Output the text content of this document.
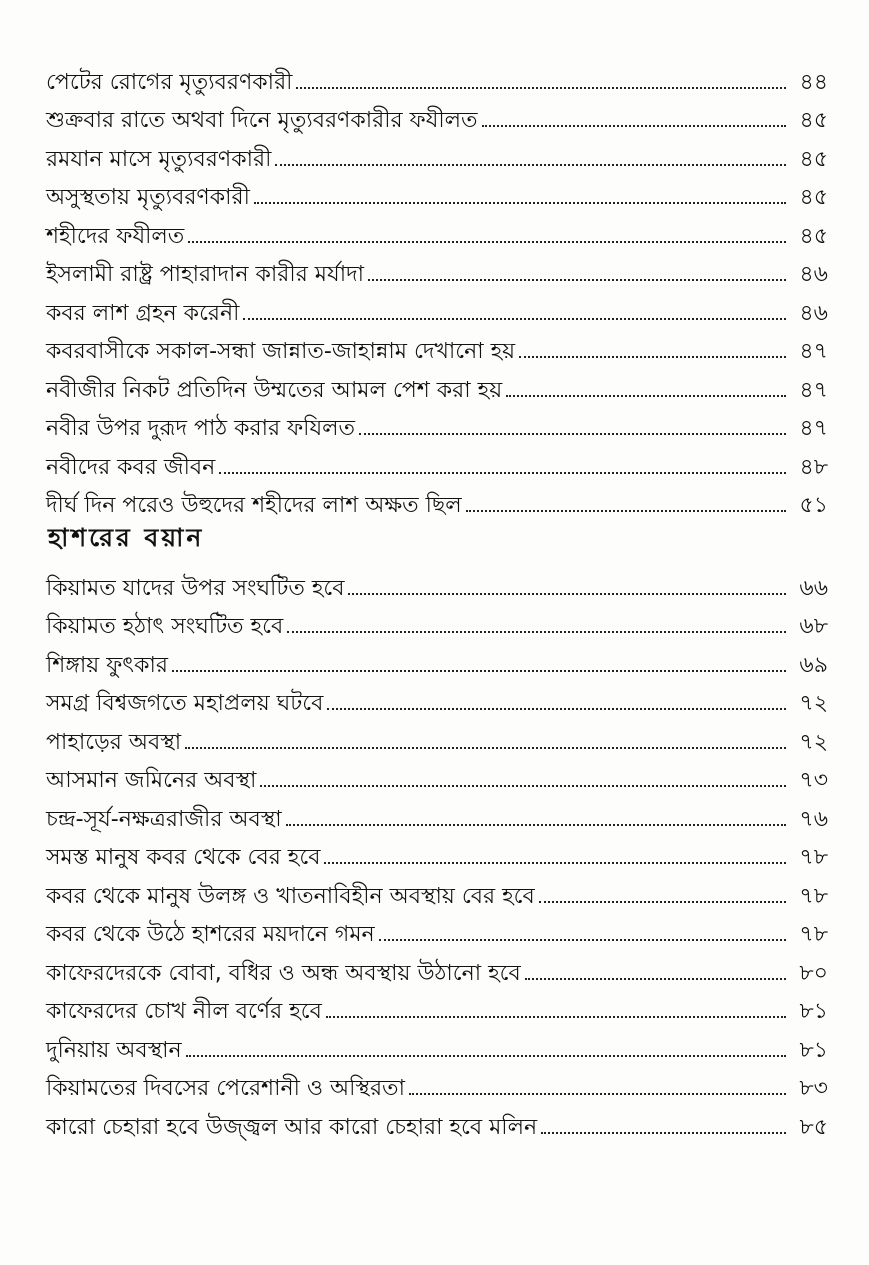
পেটের রোগের মৃত্যুবরণকারী	৪৪
শুক্রবার রাতে অথবা দিনে মৃত্যুবরণকারীর ফযীলত	৪৫
রমযান মাসে মৃত্যুবরণকারী	৪৫
অসুস্থতায় মৃত্যুবরণকারী	৪৫
শহীদের ফযীলত	৪৫
ইসলামী রাষ্ট্র পাহারাদান কারীর মর্যাদা	৪৬
কবর লাশ গ্রহন করেনী	৪৬
কবরবাসীকে সকাল-সন্ধা জান্নাত-জাহান্নাম দেখানো হয়	৪৭
নবীজীর নিকট প্রতিদিন উম্মতের আমল পেশ করা হয়	৪৭
নবীর উপর দুরূদ পাঠ করার ফযিলত	৪৭
নবীদের কবর জীবন	৪৮
দীর্ঘ দিন পরেও উহুদের শহীদের লাশ অক্ষত ছিল	৫১
হাশরের বয়ান
কিয়ামত যাদের উপর সংঘটিত হবে	৬৬
কিয়ামত হঠাৎ সংঘটিত হবে	৬৮
শিঙ্গায় ফুৎকার	৬৯
সমগ্র বিশ্বজগতে মহাপ্রলয় ঘটবে	৭২
পাহাড়ের অবস্থা	৭২
আসমান জমিনের অবস্থা	৭৩
চন্দ্র-সূর্য-নক্ষত্ররাজীর অবস্থা	৭৬
সমস্ত মানুষ কবর থেকে বের হবে	৭৮
কবর থেকে মানুষ উলঙ্গ ও খাতনাবিহীন অবস্থায় বের হবে	৭৮
কবর থেকে উঠে হাশরের ময়দানে গমন	৭৮
কাফেরদেরকে বোবা, বধির ও অন্ধ অবস্থায় উঠানো হবে	৮০
কাফেরদের চোখ নীল বর্ণের হবে	৮১
দুনিয়ায় অবস্থান	৮১
কিয়ামতের দিবসের পেরেশানী ও অস্থিরতা	৮৩
কারো চেহারা হবে উজ্জ্বল আর কারো চেহারা হবে মলিন	৮৫
